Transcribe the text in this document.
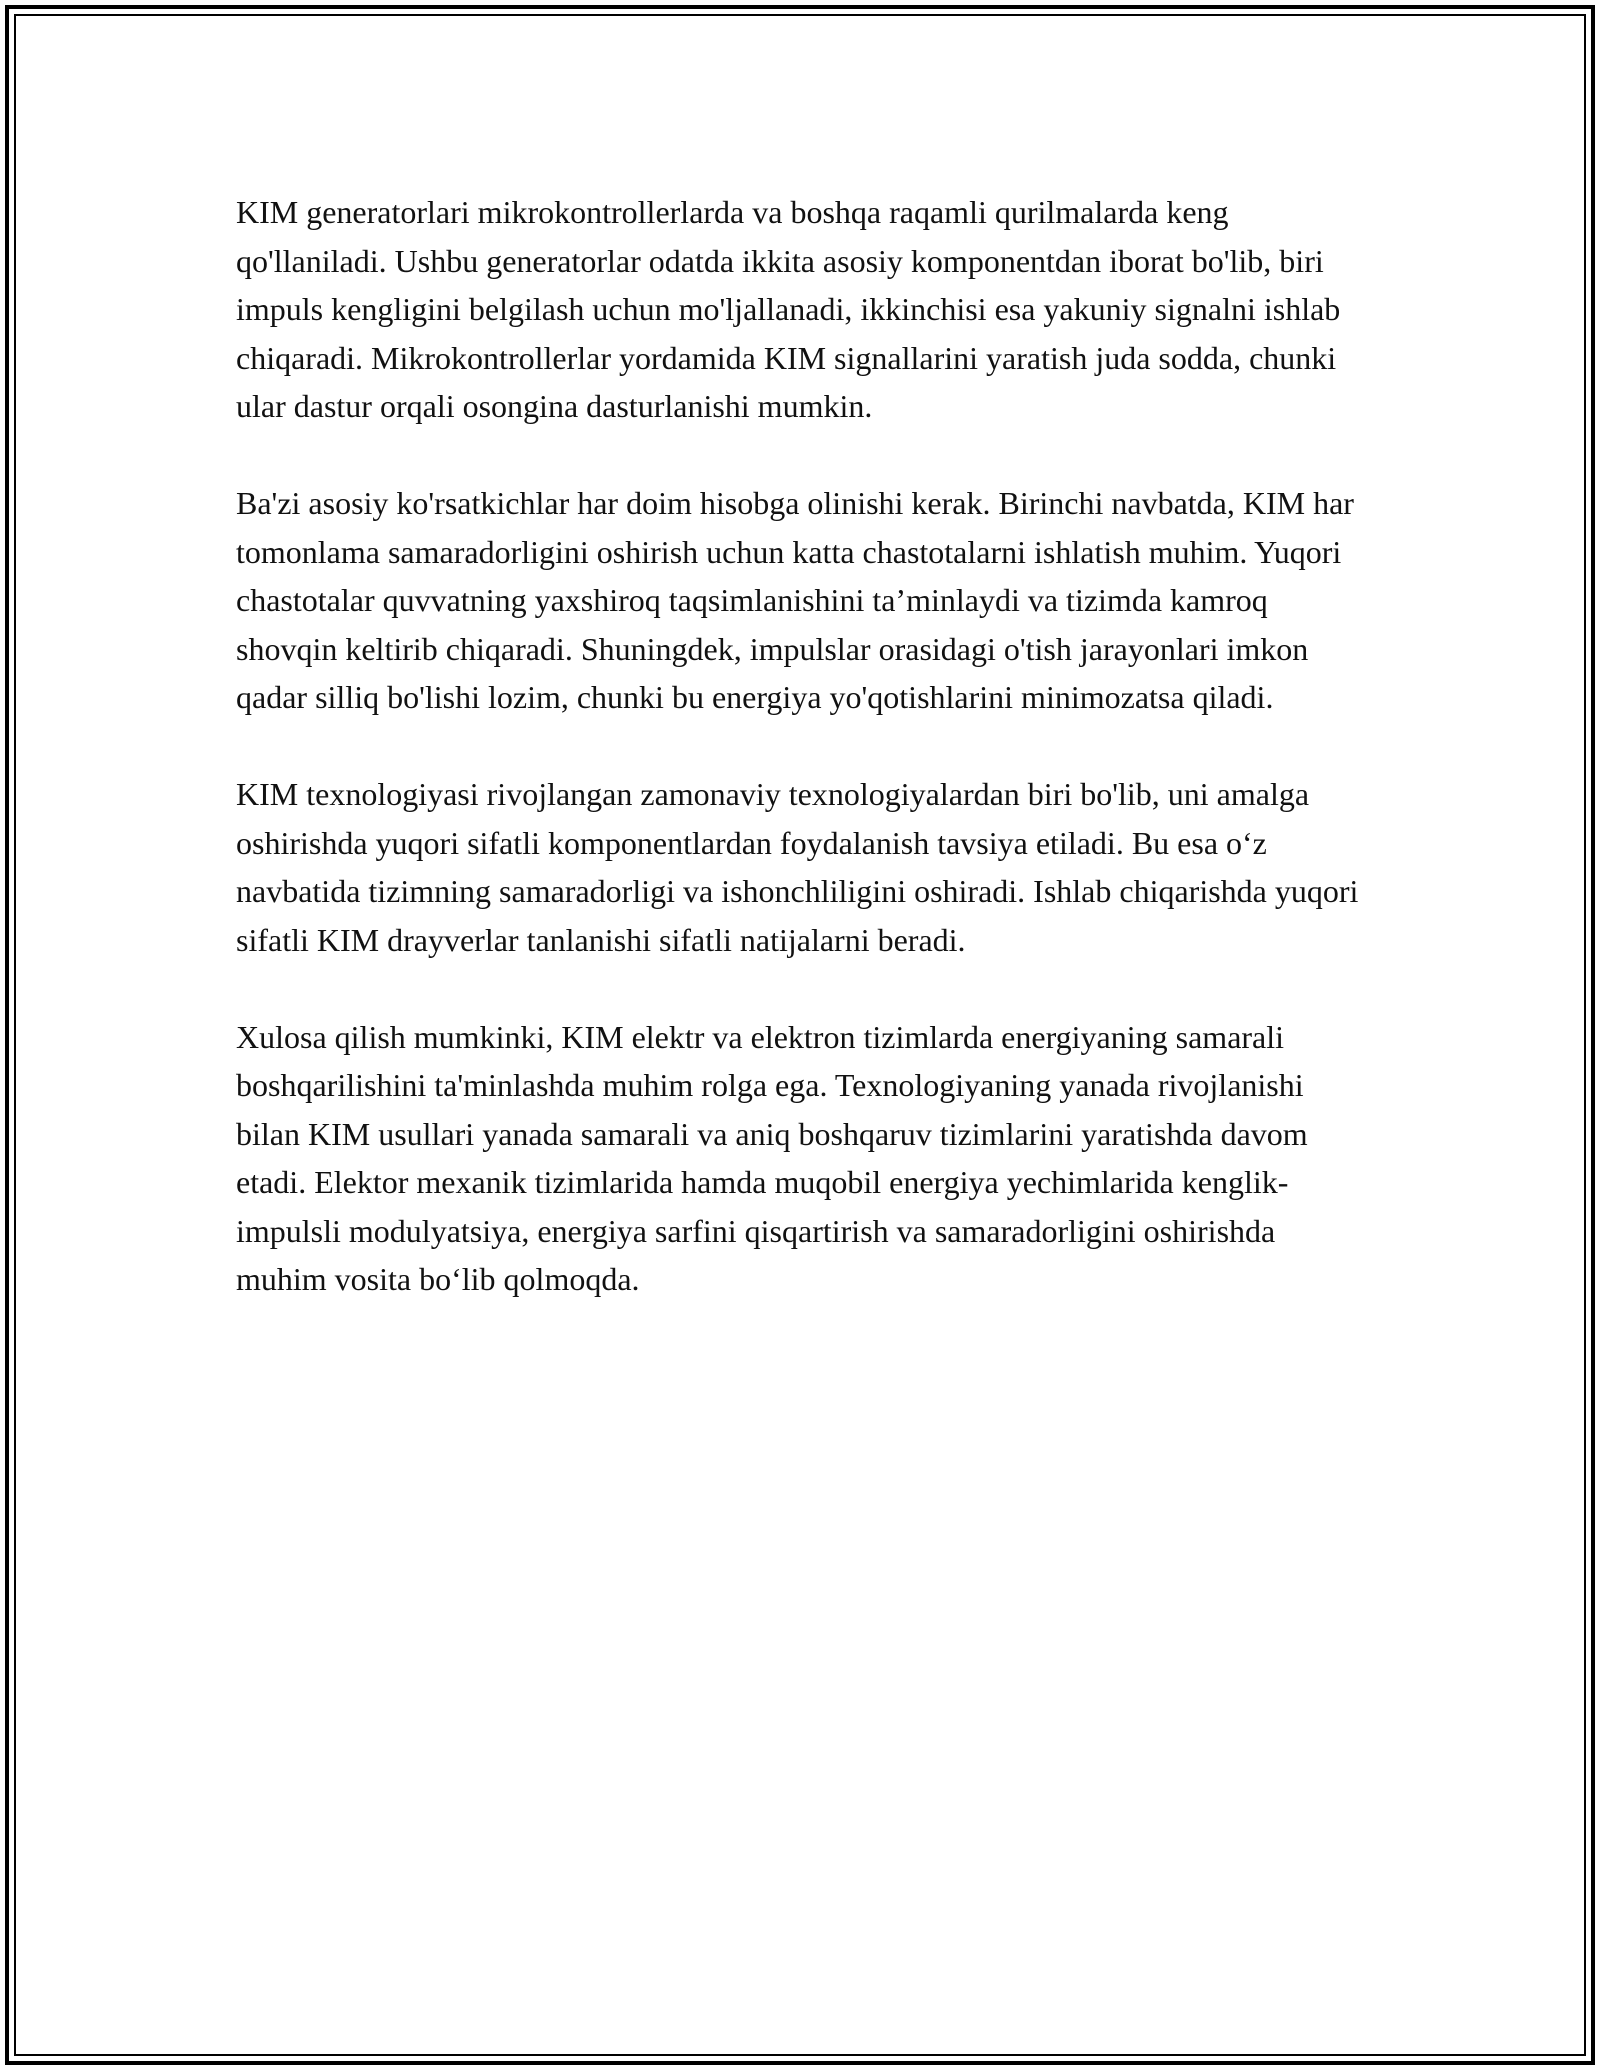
KIM generatorlari mikrokontrollerlarda va boshqa raqamli qurilmalarda keng qo'llaniladi. Ushbu generatorlar odatda ikkita asosiy komponentdan iborat bo'lib, biri impuls kengligini belgilash uchun mo'ljallanadi, ikkinchisi esa yakuniy signalni ishlab chiqaradi. Mikrokontrollerlar yordamida KIM signallarini yaratish juda sodda, chunki ular dastur orqali osongina dasturlanishi mumkin.

Ba'zi asosiy ko'rsatkichlar har doim hisobga olinishi kerak. Birinchi navbatda, KIM har tomonlama samaradorligini oshirish uchun katta chastotalarni ishlatish muhim. Yuqori chastotalar quvvatning yaxshiroq taqsimlanishini ta’minlaydi va tizimda kamroq shovqin keltirib chiqaradi. Shuningdek, impulslar orasidagi o'tish jarayonlari imkon qadar silliq bo'lishi lozim, chunki bu energiya yo'qotishlarini minimozatsa qiladi.

KIM texnologiyasi rivojlangan zamonaviy texnologiyalardan biri bo'lib, uni amalga oshirishda yuqori sifatli komponentlardan foydalanish tavsiya etiladi. Bu esa o‘z navbatida tizimning samaradorligi va ishonchliligini oshiradi. Ishlab chiqarishda yuqori sifatli KIM drayverlar tanlanishi sifatli natijalarni beradi.

Xulosa qilish mumkinki, KIM elektr va elektron tizimlarda energiyaning samarali boshqarilishini ta'minlashda muhim rolga ega. Texnologiyaning yanada rivojlanishi bilan KIM usullari yanada samarali va aniq boshqaruv tizimlarini yaratishda davom etadi. Elektor mexanik tizimlarida hamda muqobil energiya yechimlarida kenglik-impulsli modulyatsiya, energiya sarfini qisqartirish va samaradorligini oshirishda muhim vosita bo‘lib qolmoqda.
